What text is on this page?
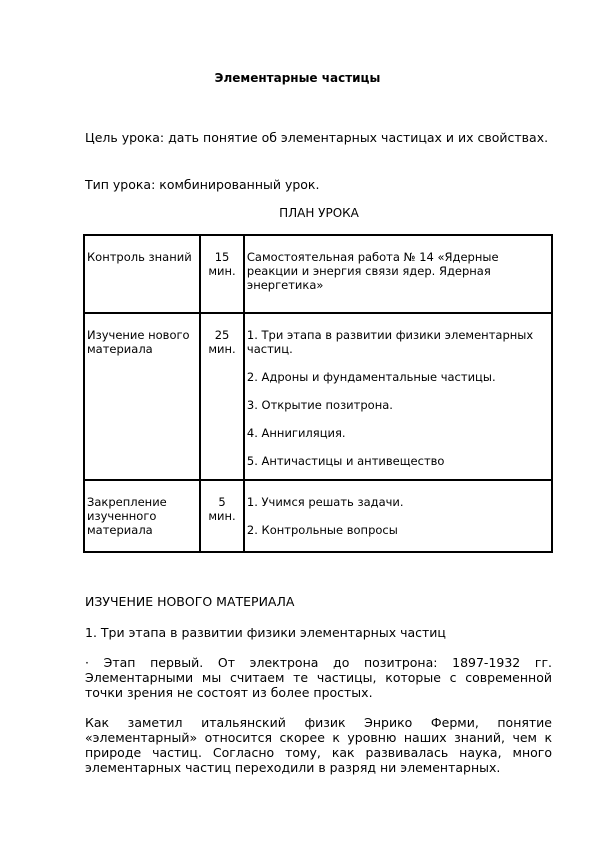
Элементарные частицы

Цель урока: дать понятие об элементарных частицах и их свойствах.

Тип урока: комбинированный урок.

ПЛАН УРОКА
Контроль знаний	15 мин.	Самостоятельная работа № 14 «Ядерные реакции и энергия связи ядер. Ядерная энергетика»

Изучение нового материала	25 мин.	1. Три этапа в развитии физики элементарных частиц.
2. Адроны и фундаментальные частицы.
3. Открытие позитрона.
4. Аннигиляция.
5. Античастицы и антивещество

Закрепление изученного материала	5 мин.	1. Учимся решать задачи.
2. Контрольные вопросы

ИЗУЧЕНИЕ НОВОГО МАТЕРИАЛА

1. Три этапа в развитии физики элементарных частиц

· Этап первый. От электрона до позитрона: 1897-1932 гг. Элементарными мы считаем те частицы, которые с современной точки зрения не состоят из более простых.

Как заметил итальянский физик Энрико Ферми, понятие «элементарный» относится скорее к уровню наших знаний, чем к природе частиц. Согласно тому, как развивалась наука, много элементарных частиц переходили в разряд ни элементарных.
